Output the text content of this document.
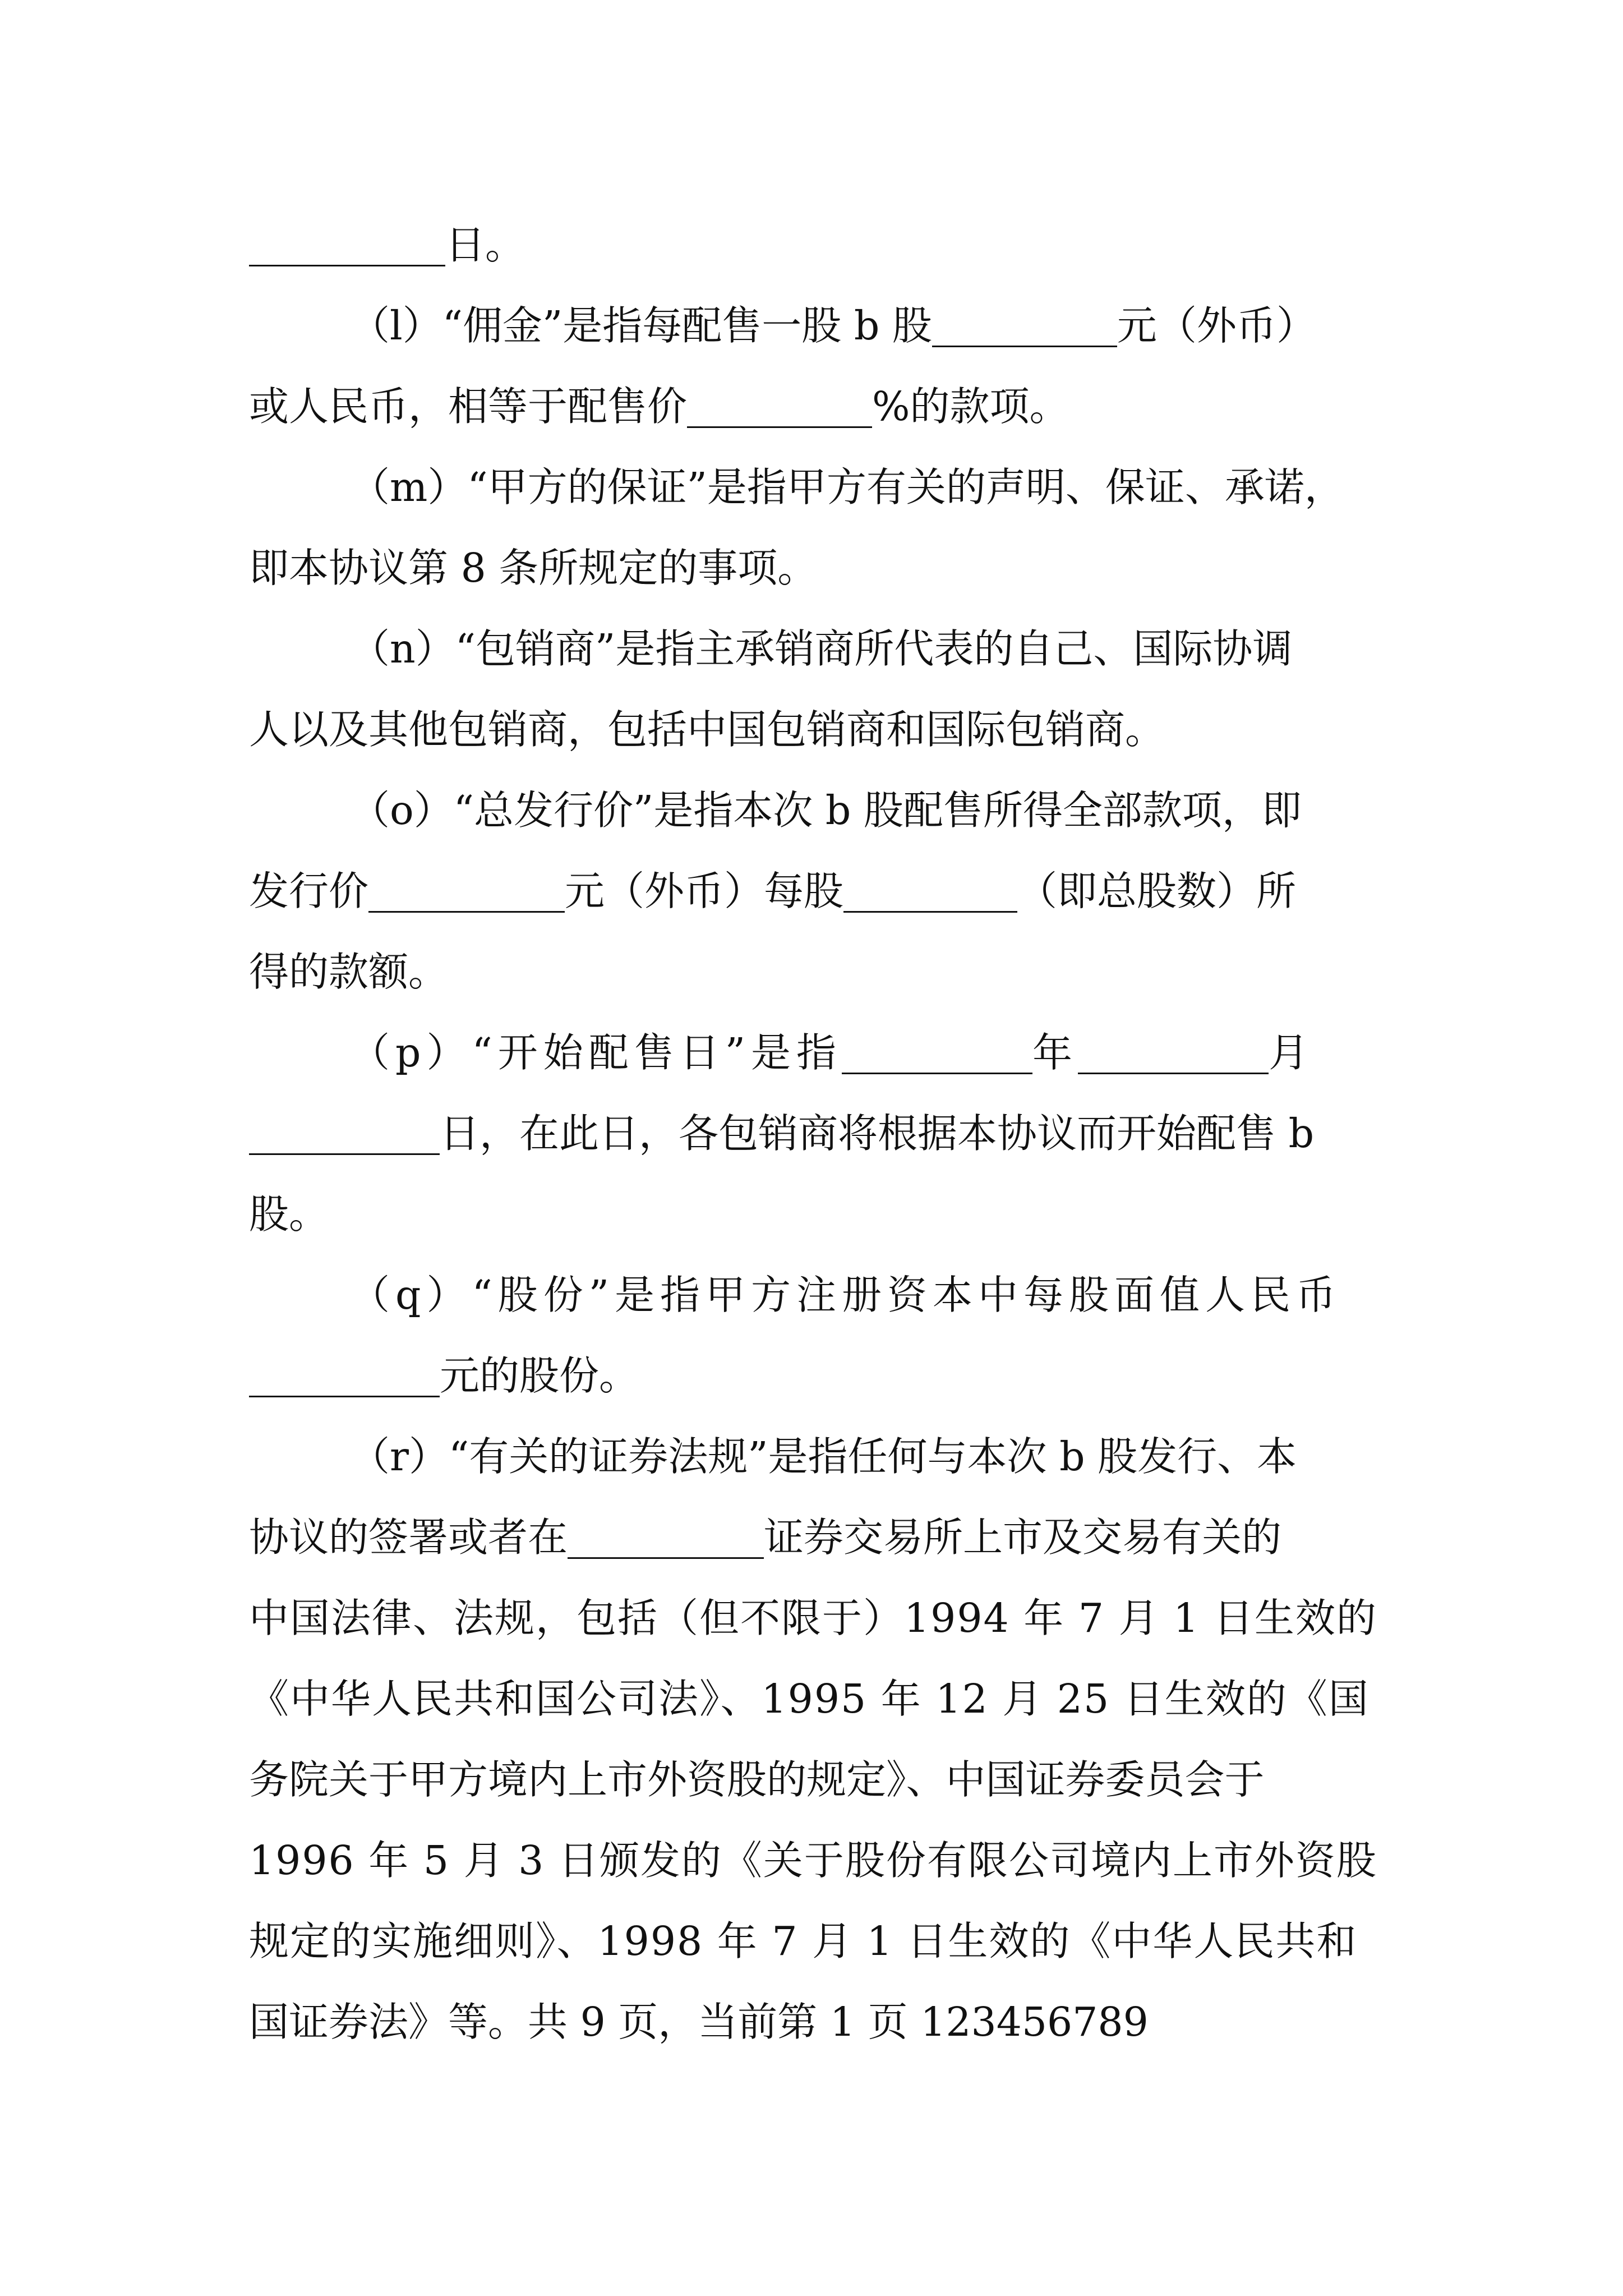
日。
（l）“佣金”是指每配售一股 b 股	元（外币）
或人民币，相等于配售价	%的款项。
（m）“甲方的保证”是指甲方有关的声明、保证、承诺，
即本协议第 8 条所规定的事项。
（n）“包销商”是指主承销商所代表的自己、国际协调
人以及其他包销商，包括中国包销商和国际包销商。
（o）“总发行价”是指本次 b 股配售所得全部款项，即
发行价	元（外币）每股	（即总股数）所
得的款额。
（p）“开始配售日”是指	年	月
日，在此日，各包销商将根据本协议而开始配售 b
股。
（q）“股份”是指甲方注册资本中每股面值人民币
元的股份。
（r）“有关的证券法规”是指任何与本次 b 股发行、本
协议的签署或者在	证券交易所上市及交易有关的
中国法律、法规，包括（但不限于）1994 年 7 月 1 日生效的
《中华人民共和国公司法》、1995 年 12 月 25 日生效的《国
务院关于甲方境内上市外资股的规定》、中国证券委员会于
1996 年 5 月 3 日颁发的《关于股份有限公司境内上市外资股
规定的实施细则》、1998 年 7 月 1 日生效的《中华人民共和
国证券法》等。共 9 页，当前第 1 页 123456789
